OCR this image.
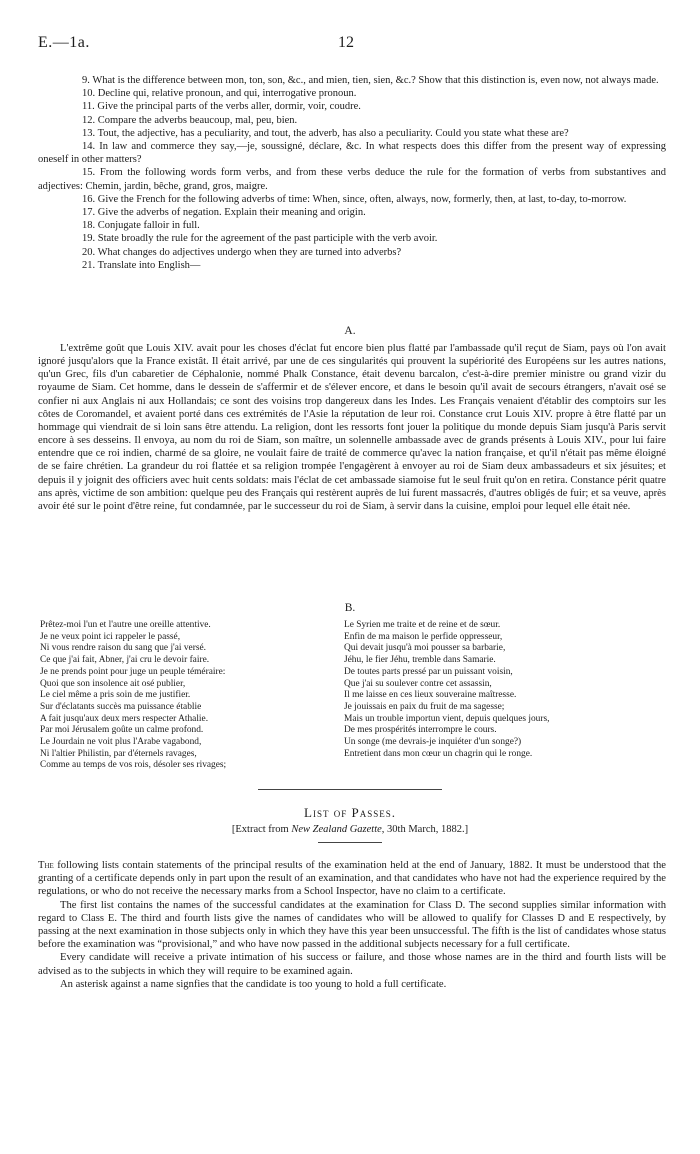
E.—1a.	12

9. What is the difference between mon, ton, son, &c., and mien, tien, sien, &c.? Show that this distinction is, even now, not always made.

10. Decline qui, relative pronoun, and qui, interrogative pronoun.

11. Give the principal parts of the verbs aller, dormir, voir, coudre.

12. Compare the adverbs beaucoup, mal, peu, bien.

13. Tout, the adjective, has a peculiarity, and tout, the adverb, has also a peculiarity. Could you state what these are?

14. In law and commerce they say,—je, soussigné, déclare, &c. In what respects does this differ from the present way of expressing oneself in other matters?

15. From the following words form verbs, and from these verbs deduce the rule for the formation of verbs from substantives and adjectives: Chemin, jardin, bêche, grand, gros, maigre.

16. Give the French for the following adverbs of time: When, since, often, always, now, formerly, then, at last, to-day, to-morrow.

17. Give the adverbs of negation. Explain their meaning and origin.

18. Conjugate falloir in full.

19. State broadly the rule for the agreement of the past participle with the verb avoir.

20. What changes do adjectives undergo when they are turned into adverbs?

21. Translate into English—

A.

L'extrême goût que Louis XIV. avait pour les choses d'éclat fut encore bien plus flatté par l'ambassade qu'il reçut de Siam, pays où l'on avait ignoré jusqu'alors que la France existât. Il était arrivé, par une de ces singularités qui prouvent la supériorité des Européens sur les autres nations, qu'un Grec, fils d'un cabaretier de Céphalonie, nommé Phalk Constance, était devenu barcalon, c'est-à-dire premier ministre ou grand vizir du royaume de Siam. Cet homme, dans le dessein de s'affermir et de s'élever encore, et dans le besoin qu'il avait de secours étrangers, n'avait osé se confier ni aux Anglais ni aux Hollandais; ce sont des voisins trop dangereux dans les Indes. Les Français venaient d'établir des comptoirs sur les côtes de Coromandel, et avaient porté dans ces extrémités de l'Asie la réputation de leur roi. Constance crut Louis XIV. propre à être flatté par un hommage qui viendrait de si loin sans être attendu. La religion, dont les ressorts font jouer la politique du monde depuis Siam jusqu'à Paris servit encore à ses desseins. Il envoya, au nom du roi de Siam, son maître, un solennelle ambassade avec de grands présents à Louis XIV., pour lui faire entendre que ce roi indien, charmé de sa gloire, ne voulait faire de traité de commerce qu'avec la nation française, et qu'il n'était pas même éloigné de se faire chrétien. La grandeur du roi flattée et sa religion trompée l'engagèrent à envoyer au roi de Siam deux ambassadeurs et six jésuites; et depuis il y joignit des officiers avec huit cents soldats: mais l'éclat de cet ambassade siamoise fut le seul fruit qu'on en retira. Constance périt quatre ans après, victime de son ambition: quelque peu des Français qui restèrent auprès de lui furent massacrés, d'autres obligés de fuir; et sa veuve, après avoir été sur le point d'être reine, fut condamnée, par le successeur du roi de Siam, à servir dans la cuisine, emploi pour lequel elle était née.

B.
Prêtez-moi l'un et l'autre une oreille attentive.
Je ne veux point ici rappeler le passé,
Ni vous rendre raison du sang que j'ai versé.
Ce que j'ai fait, Abner, j'ai cru le devoir faire.
Je ne prends point pour juge un peuple téméraire:
Quoi que son insolence ait osé publier,
Le ciel même a pris soin de me justifier.
Sur d'éclatants succès ma puissance établie
A fait jusqu'aux deux mers respecter Athalie.
Par moi Jérusalem goûte un calme profond.
Le Jourdain ne voit plus l'Arabe vagabond,
Ni l'altier Philistin, par d'éternels ravages,
Comme au temps de vos rois, désoler ses rivages;
Le Syrien me traite et de reine et de sœur.
Enfin de ma maison le perfide oppresseur,
Qui devait jusqu'à moi pousser sa barbarie,
Jéhu, le fier Jéhu, tremble dans Samarie.
De toutes parts pressé par un puissant voisin,
Que j'ai su soulever contre cet assassin,
Il me laisse en ces lieux souveraine maîtresse.
Je jouissais en paix du fruit de ma sagesse;
Mais un trouble importun vient, depuis quelques jours,
De mes prospérités interrompre le cours.
Un songe (me devrais-je inquiéter d'un songe?)
Entretient dans mon cœur un chagrin qui le ronge.
List of Passes.
[Extract from New Zealand Gazette, 30th March, 1882.]

The following lists contain statements of the principal results of the examination held at the end of January, 1882. It must be understood that the granting of a certificate depends only in part upon the result of an examination, and that candidates who have not had the experience required by the regulations, or who do not receive the necessary marks from a School Inspector, have no claim to a certificate.

The first list contains the names of the successful candidates at the examination for Class D. The second supplies similar information with regard to Class E. The third and fourth lists give the names of candidates who will be allowed to qualify for Classes D and E respectively, by passing at the next examination in those subjects only in which they have this year been unsuccessful. The fifth is the list of candidates whose status before the examination was “provisional,” and who have now passed in the additional subjects necessary for a full certificate.

Every candidate will receive a private intimation of his success or failure, and those whose names are in the third and fourth lists will be advised as to the subjects in which they will require to be examined again.

An asterisk against a name signfies that the candidate is too young to hold a full certificate.
